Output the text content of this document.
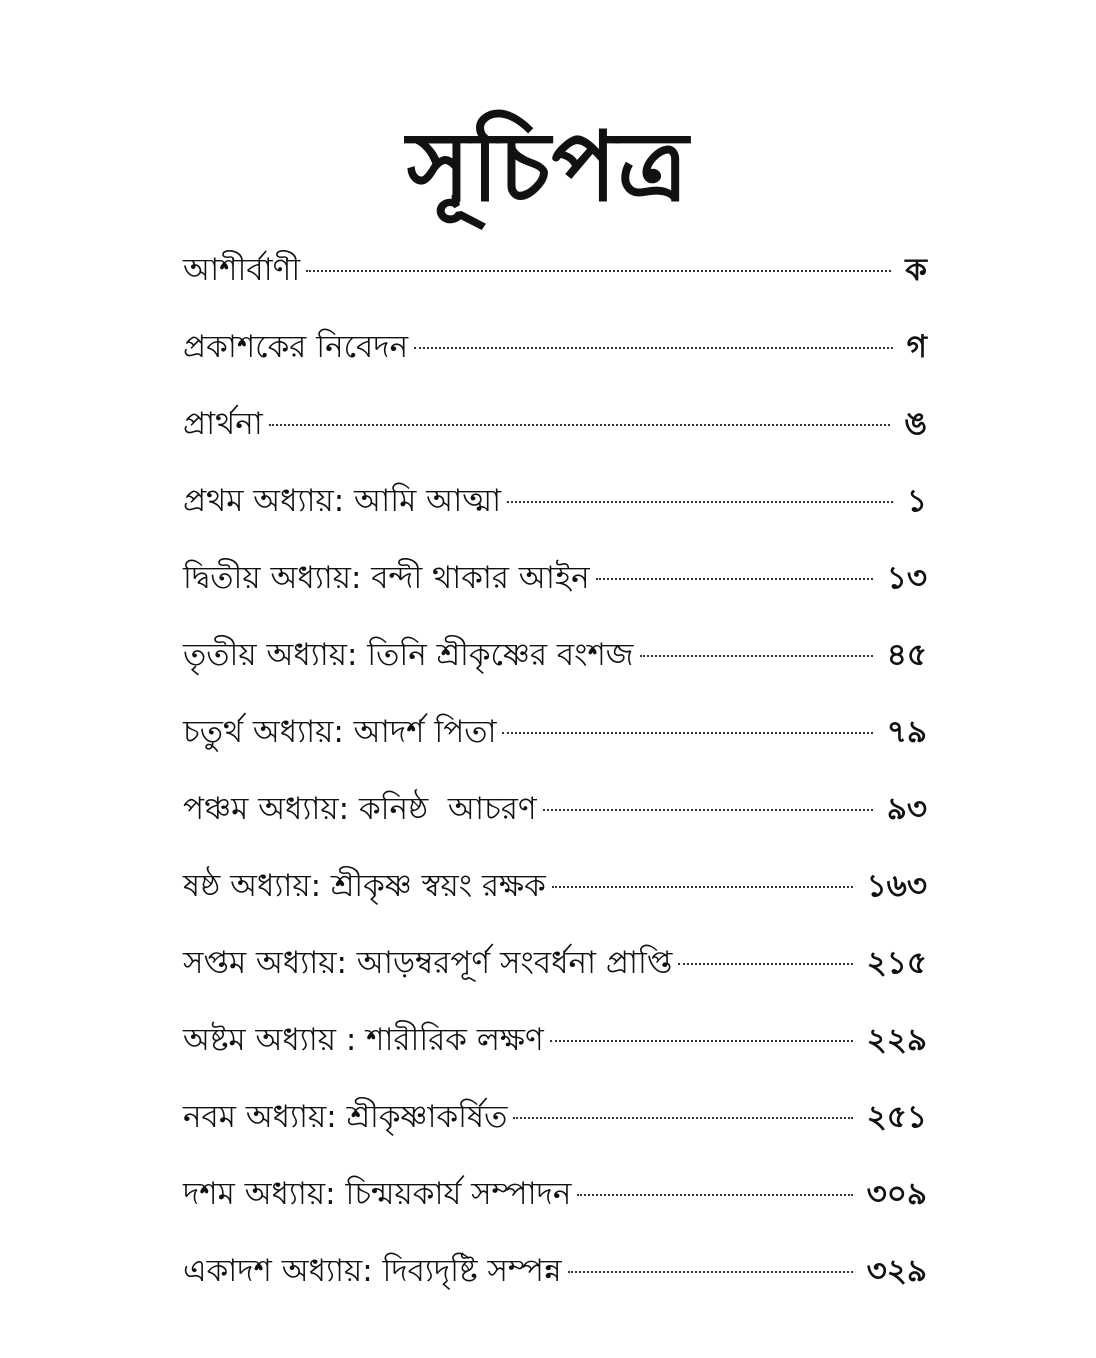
সূচিপত্র
আশীর্বাণী	ক
প্রকাশকের নিবেদন	গ
প্রার্থনা	ঙ
প্রথম অধ্যায়: আমি আত্মা	১
দ্বিতীয় অধ্যায়: বন্দী থাকার আইন	১৩
তৃতীয় অধ্যায়: তিনি শ্রীকৃষ্ণের বংশজ	৪৫
চতুর্থ অধ্যায়: আদর্শ পিতা	৭৯
পঞ্চম অধ্যায়: কনিষ্ঠ  আচরণ	৯৩
ষষ্ঠ অধ্যায়: শ্রীকৃষ্ণ স্বয়ং রক্ষক	১৬৩
সপ্তম অধ্যায়: আড়ম্বরপূর্ণ সংবর্ধনা প্রাপ্তি	২১৫
অষ্টম অধ্যায় : শারীরিক লক্ষণ	২২৯
নবম অধ্যায়: শ্রীকৃষ্ণাকর্ষিত	২৫১
দশম অধ্যায়: চিন্ময়কার্য সম্পাদন	৩০৯
একাদশ অধ্যায়: দিব্যদৃষ্টি সম্পন্ন	৩২৯
